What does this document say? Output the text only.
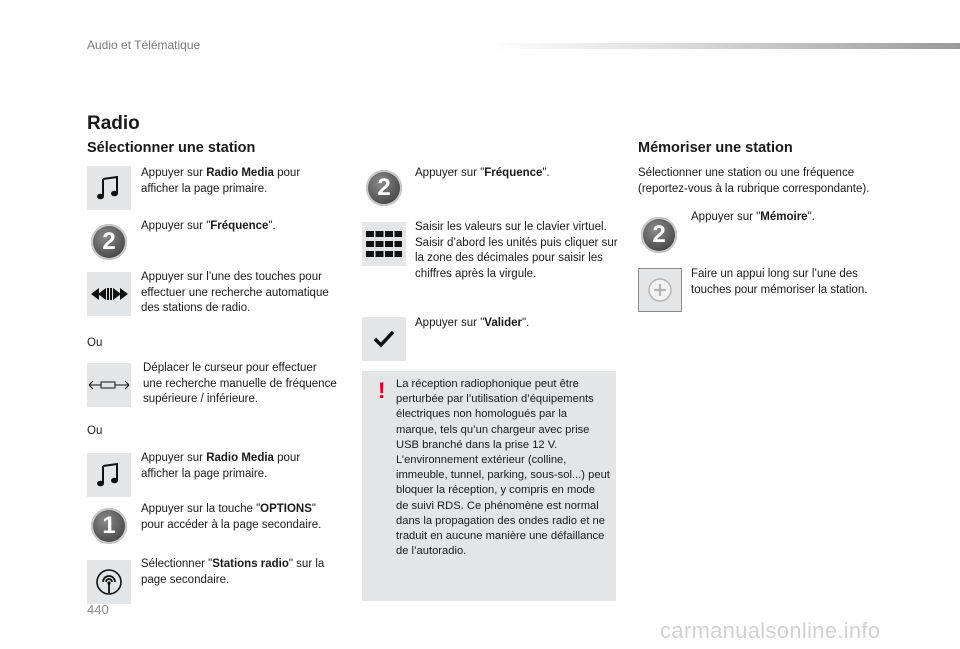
Audio et Télématique
Radio
Sélectionner une station
Appuyer sur Radio Media pour afficher la page primaire.
2
Appuyer sur "Fréquence".
Appuyer sur l’une des touches pour effectuer une recherche automatique des stations de radio.
Ou
Déplacer le curseur pour effectuer une recherche manuelle de fréquence supérieure / inférieure.
Ou
Appuyer sur Radio Media pour afficher la page primaire.
1
Appuyer sur la touche "OPTIONS" pour accéder à la page secondaire.
Sélectionner "Stations radio" sur la page secondaire.
2
Appuyer sur "Fréquence".
Saisir les valeurs sur le clavier virtuel.
Saisir d’abord les unités puis cliquer sur la zone des décimales pour saisir les chiffres après la virgule.
Appuyer sur "Valider".
! La réception radiophonique peut être perturbée par l’utilisation d’équipements électriques non homologués par la marque, tels qu’un chargeur avec prise USB branché dans la prise 12 V.
L’environnement extérieur (colline, immeuble, tunnel, parking, sous-sol...) peut bloquer la réception, y compris en mode de suivi RDS. Ce phénomène est normal dans la propagation des ondes radio et ne traduit en aucune manière une défaillance de l’autoradio.
Mémoriser une station
Sélectionner une station ou une fréquence (reportez-vous à la rubrique correspondante).
2
Appuyer sur "Mémoire".
Faire un appui long sur l’une des touches pour mémoriser la station.
440
carmanualsonline.info
